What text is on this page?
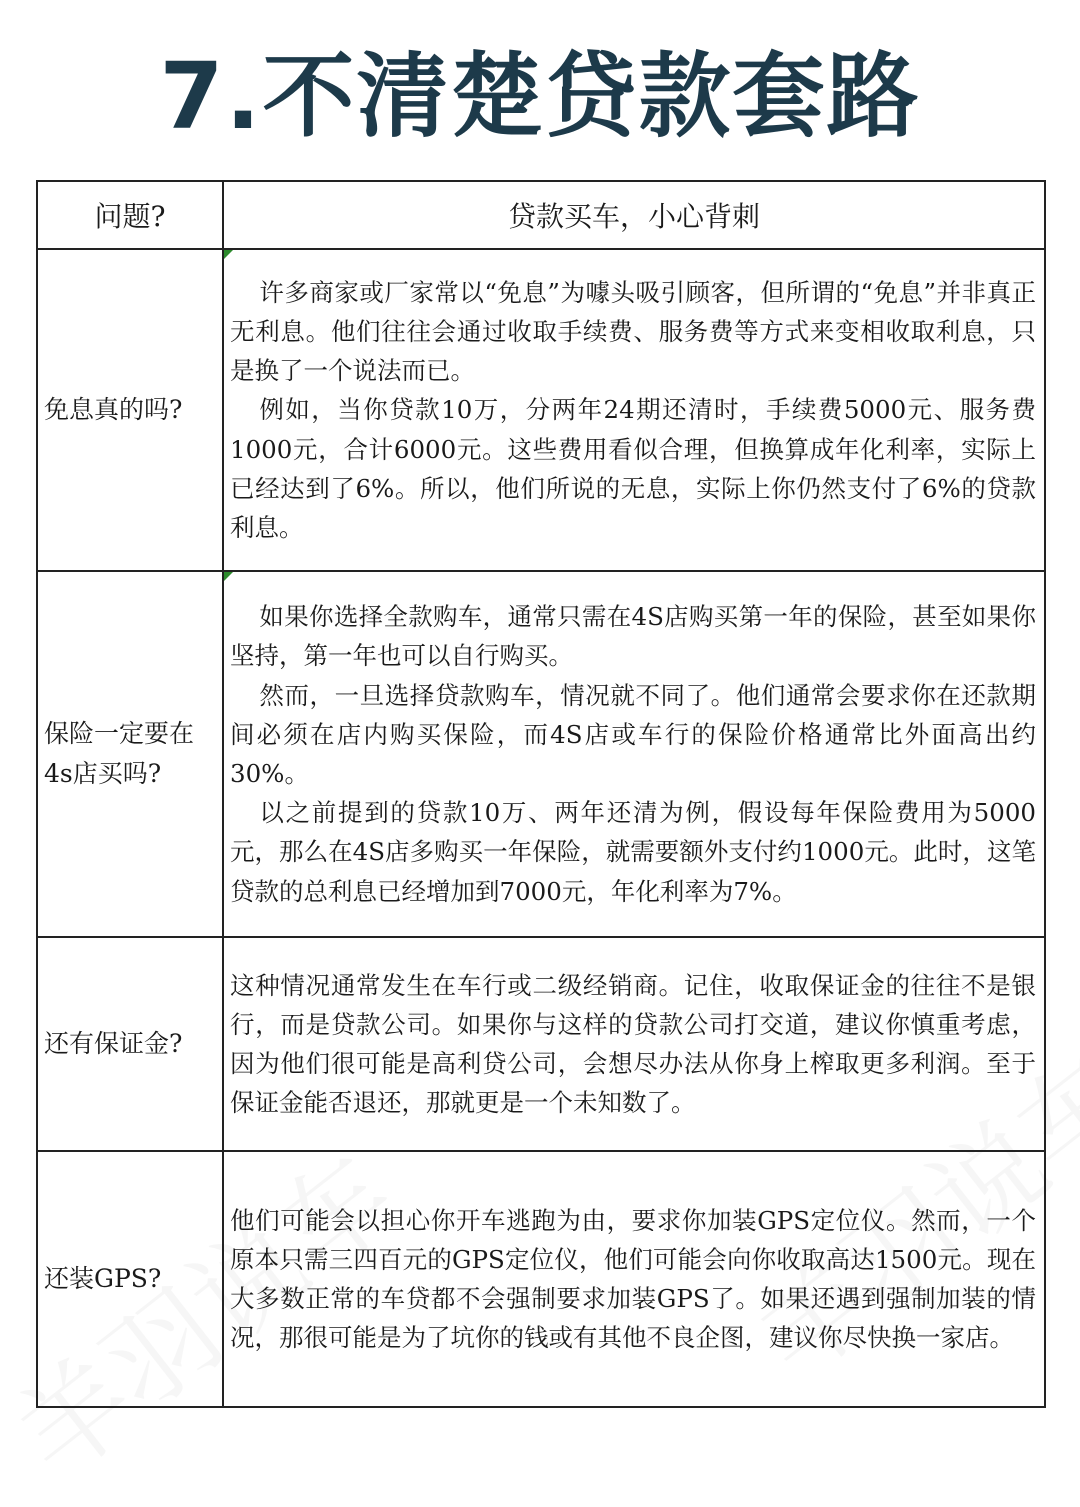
7.不清楚贷款套路
问题?	贷款买车，小心背刺
免息真的吗?	许多商家或厂家常以“免息”为噱头吸引顾客，但所谓的“免息”并非真正无利息。他们往往会通过收取手续费、服务费等方式来变相收取利息，只是换了一个说法而已。

例如，当你贷款10万，分两年24期还清时，手续费5000元、服务费1000元，合计6000元。这些费用看似合理，但换算成年化利率，实际上已经达到了6%。所以，他们所说的无息，实际上你仍然支付了6%的贷款利息。

保险一定要在4s店买吗?	如果你选择全款购车，通常只需在4S店购买第一年的保险，甚至如果你坚持，第一年也可以自行购买。

然而，一旦选择贷款购车，情况就不同了。他们通常会要求你在还款期间必须在店内购买保险，而4S店或车行的保险价格通常比外面高出约30%。

以之前提到的贷款10万、两年还清为例，假设每年保险费用为5000元，那么在4S店多购买一年保险，就需要额外支付约1000元。此时，这笔贷款的总利息已经增加到7000元，年化利率为7%。

还有保证金?	这种情况通常发生在车行或二级经销商。记住，收取保证金的往往不是银行，而是贷款公司。如果你与这样的贷款公司打交道，建议你慎重考虑，因为他们很可能是高利贷公司，会想尽办法从你身上榨取更多利润。至于保证金能否退还，那就更是一个未知数了。

还装GPS?	他们可能会以担心你开车逃跑为由，要求你加装GPS定位仪。然而，一个原本只需三四百元的GPS定位仪，他们可能会向你收取高达1500元。现在大多数正常的车贷都不会强制要求加装GPS了。如果还遇到强制加装的情况，那很可能是为了坑你的钱或有其他不良企图，建议你尽快换一家店。
